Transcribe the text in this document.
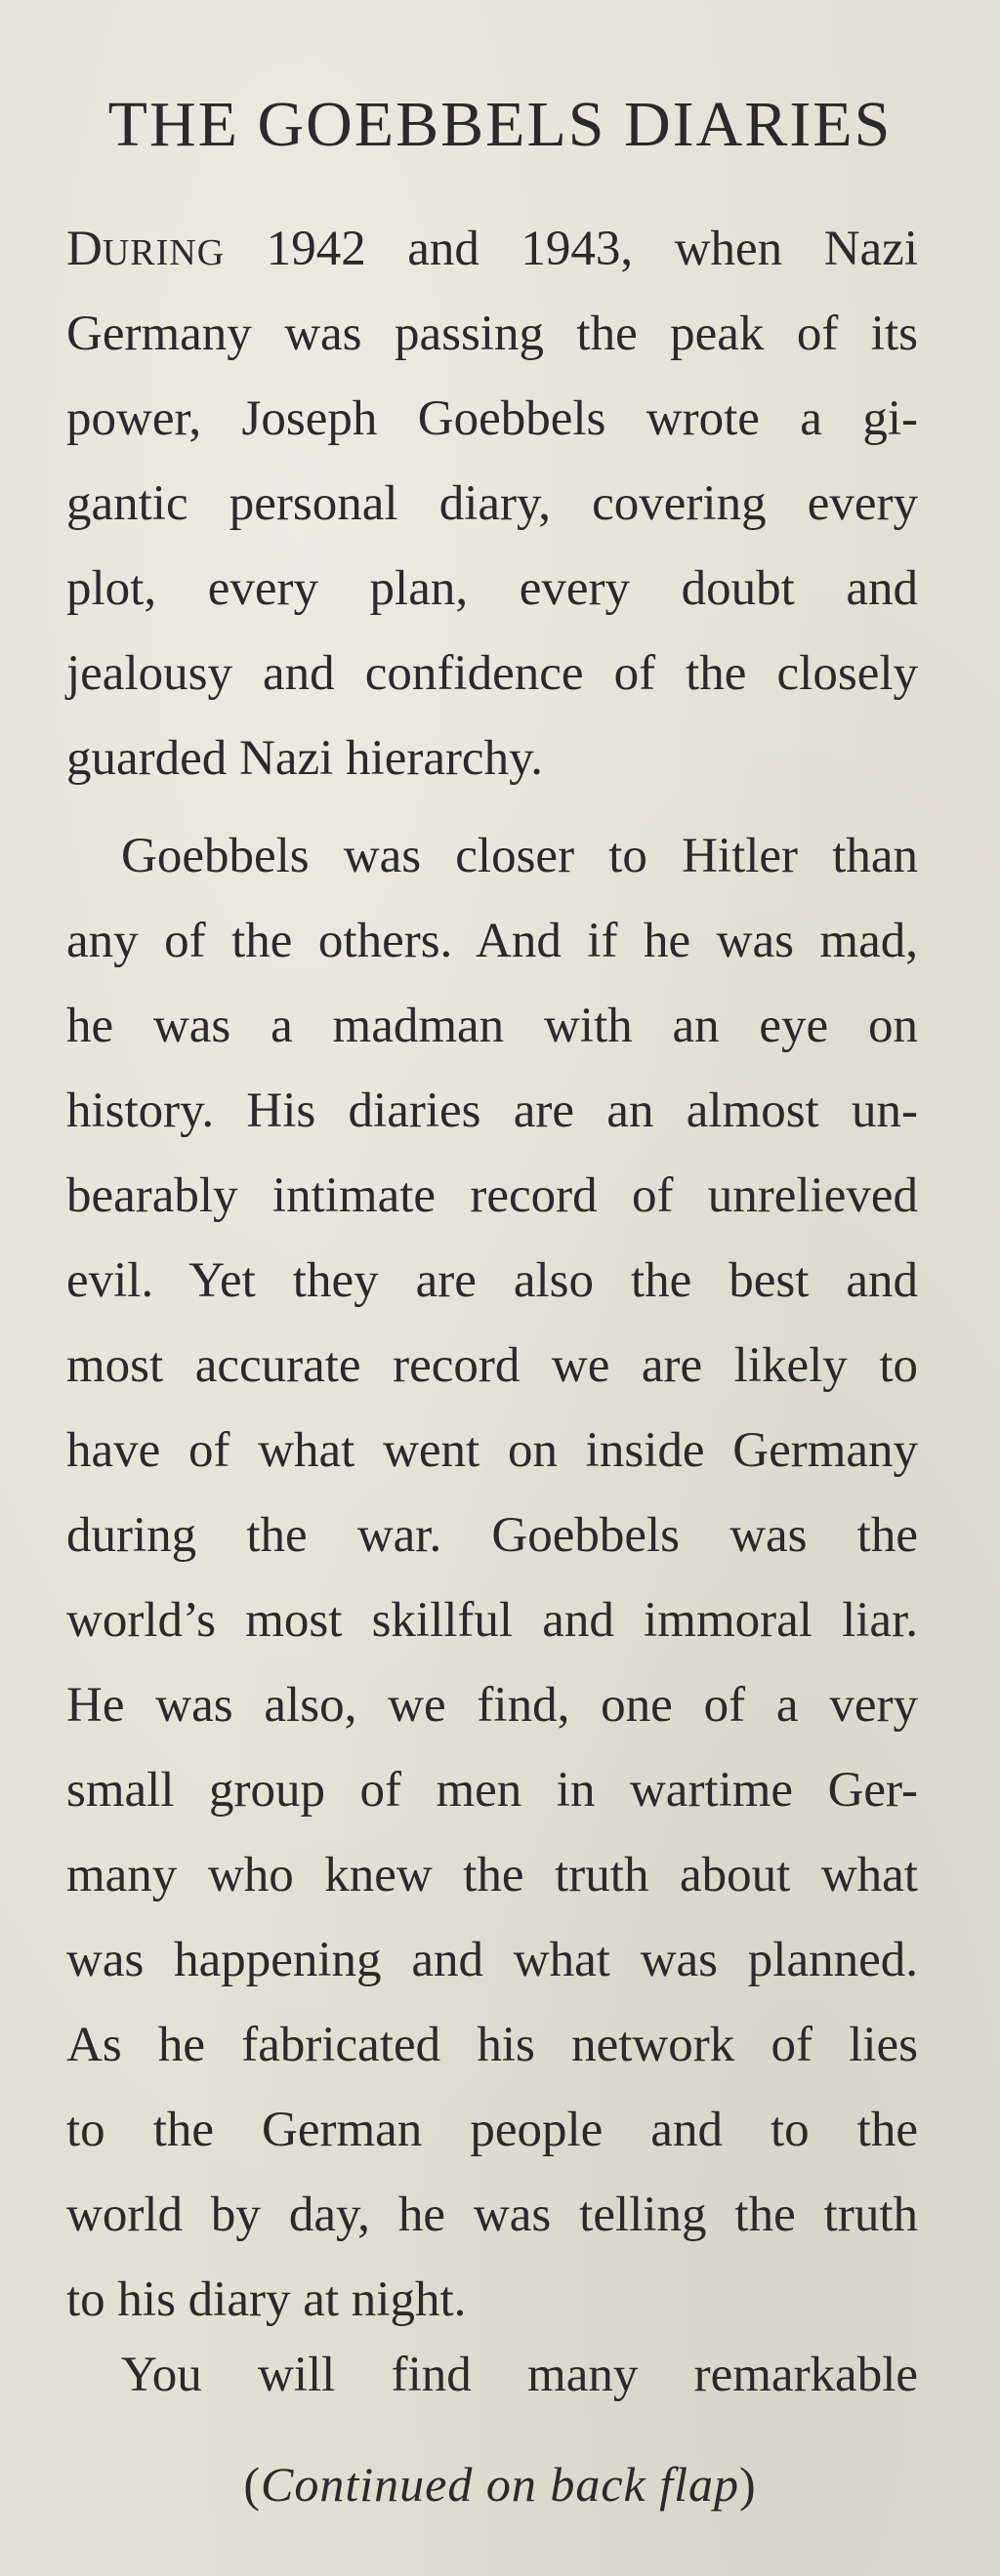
THE GOEBBELS DIARIES
DURING 1942 and 1943, when Nazi
Germany was passing the peak of its
power, Joseph Goebbels wrote a gi-
gantic personal diary, covering every
plot, every plan, every doubt and
jealousy and confidence of the closely
guarded Nazi hierarchy.
Goebbels was closer to Hitler than
any of the others. And if he was mad,
he was a madman with an eye on
history. His diaries are an almost un-
bearably intimate record of unrelieved
evil. Yet they are also the best and
most accurate record we are likely to
have of what went on inside Germany
during the war. Goebbels was the
world’s most skillful and immoral liar.
He was also, we find, one of a very
small group of men in wartime Ger-
many who knew the truth about what
was happening and what was planned.
As he fabricated his network of lies
to the German people and to the
world by day, he was telling the truth
to his diary at night.
You will find many remarkable
(Continued on back flap)
